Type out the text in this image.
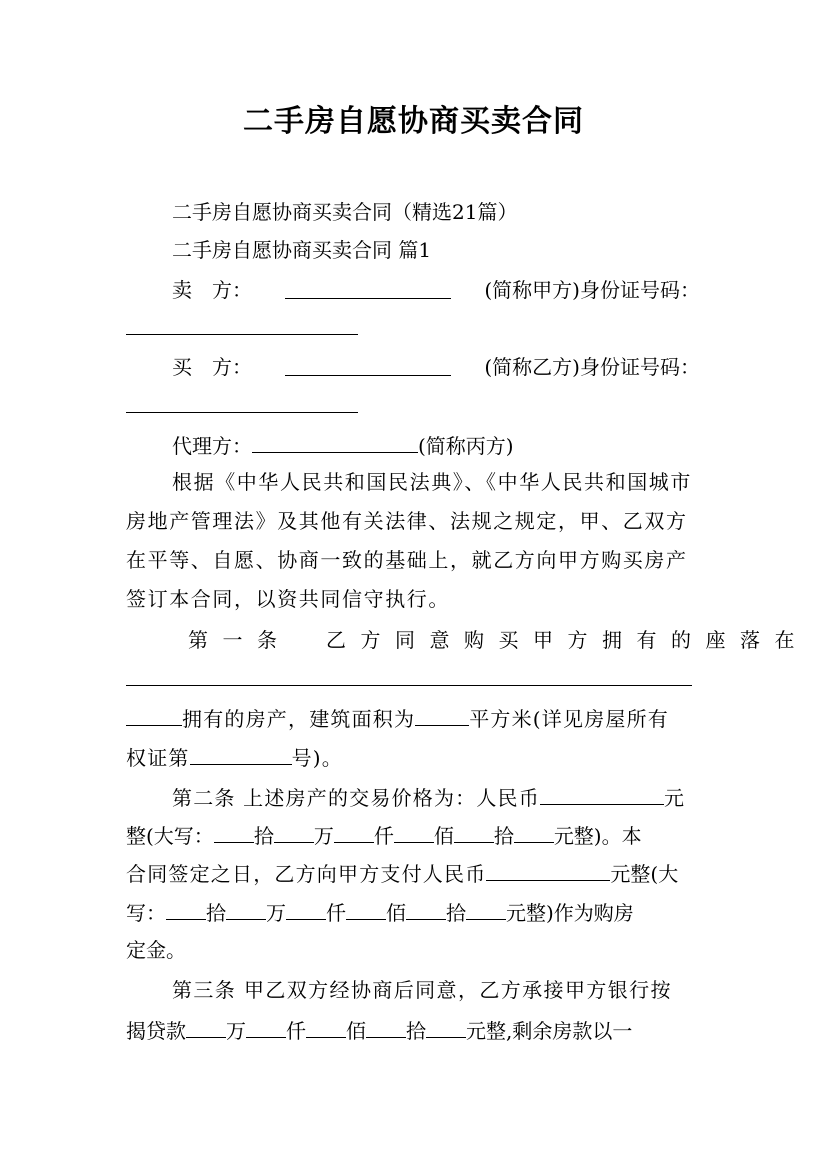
二手房自愿协商买卖合同
二手房自愿协商买卖合同（精选21篇）
二手房自愿协商买卖合同 篇1
卖　方：	(简称甲方)身份证号码：
买　方：	(简称乙方)身份证号码：
代理方：	(简称丙方)
根据《中华人民共和国民法典》、《中华人民共和国城市
房地产管理法》及其他有关法律、法规之规定，甲、乙双方
在平等、自愿、协商一致的基础上，就乙方向甲方购买房产
签订本合同，以资共同信守执行。
第一条　乙方同意购买甲方拥有的座落在
拥有的房产，建筑面积为	平方米(详见房屋所有
权证第	号)。
第二条 上述房产的交易价格为：人民币	元
整(大写： 拾 万 仟 佰 拾 元整)。本
合同签定之日，乙方向甲方支付人民币	元整(大
写： 拾 万 仟 佰 拾 元整)作为购房
定金。
第三条 甲乙双方经协商后同意，乙方承接甲方银行按
揭贷款 万 仟 佰 拾 元整,剩余房款以一
